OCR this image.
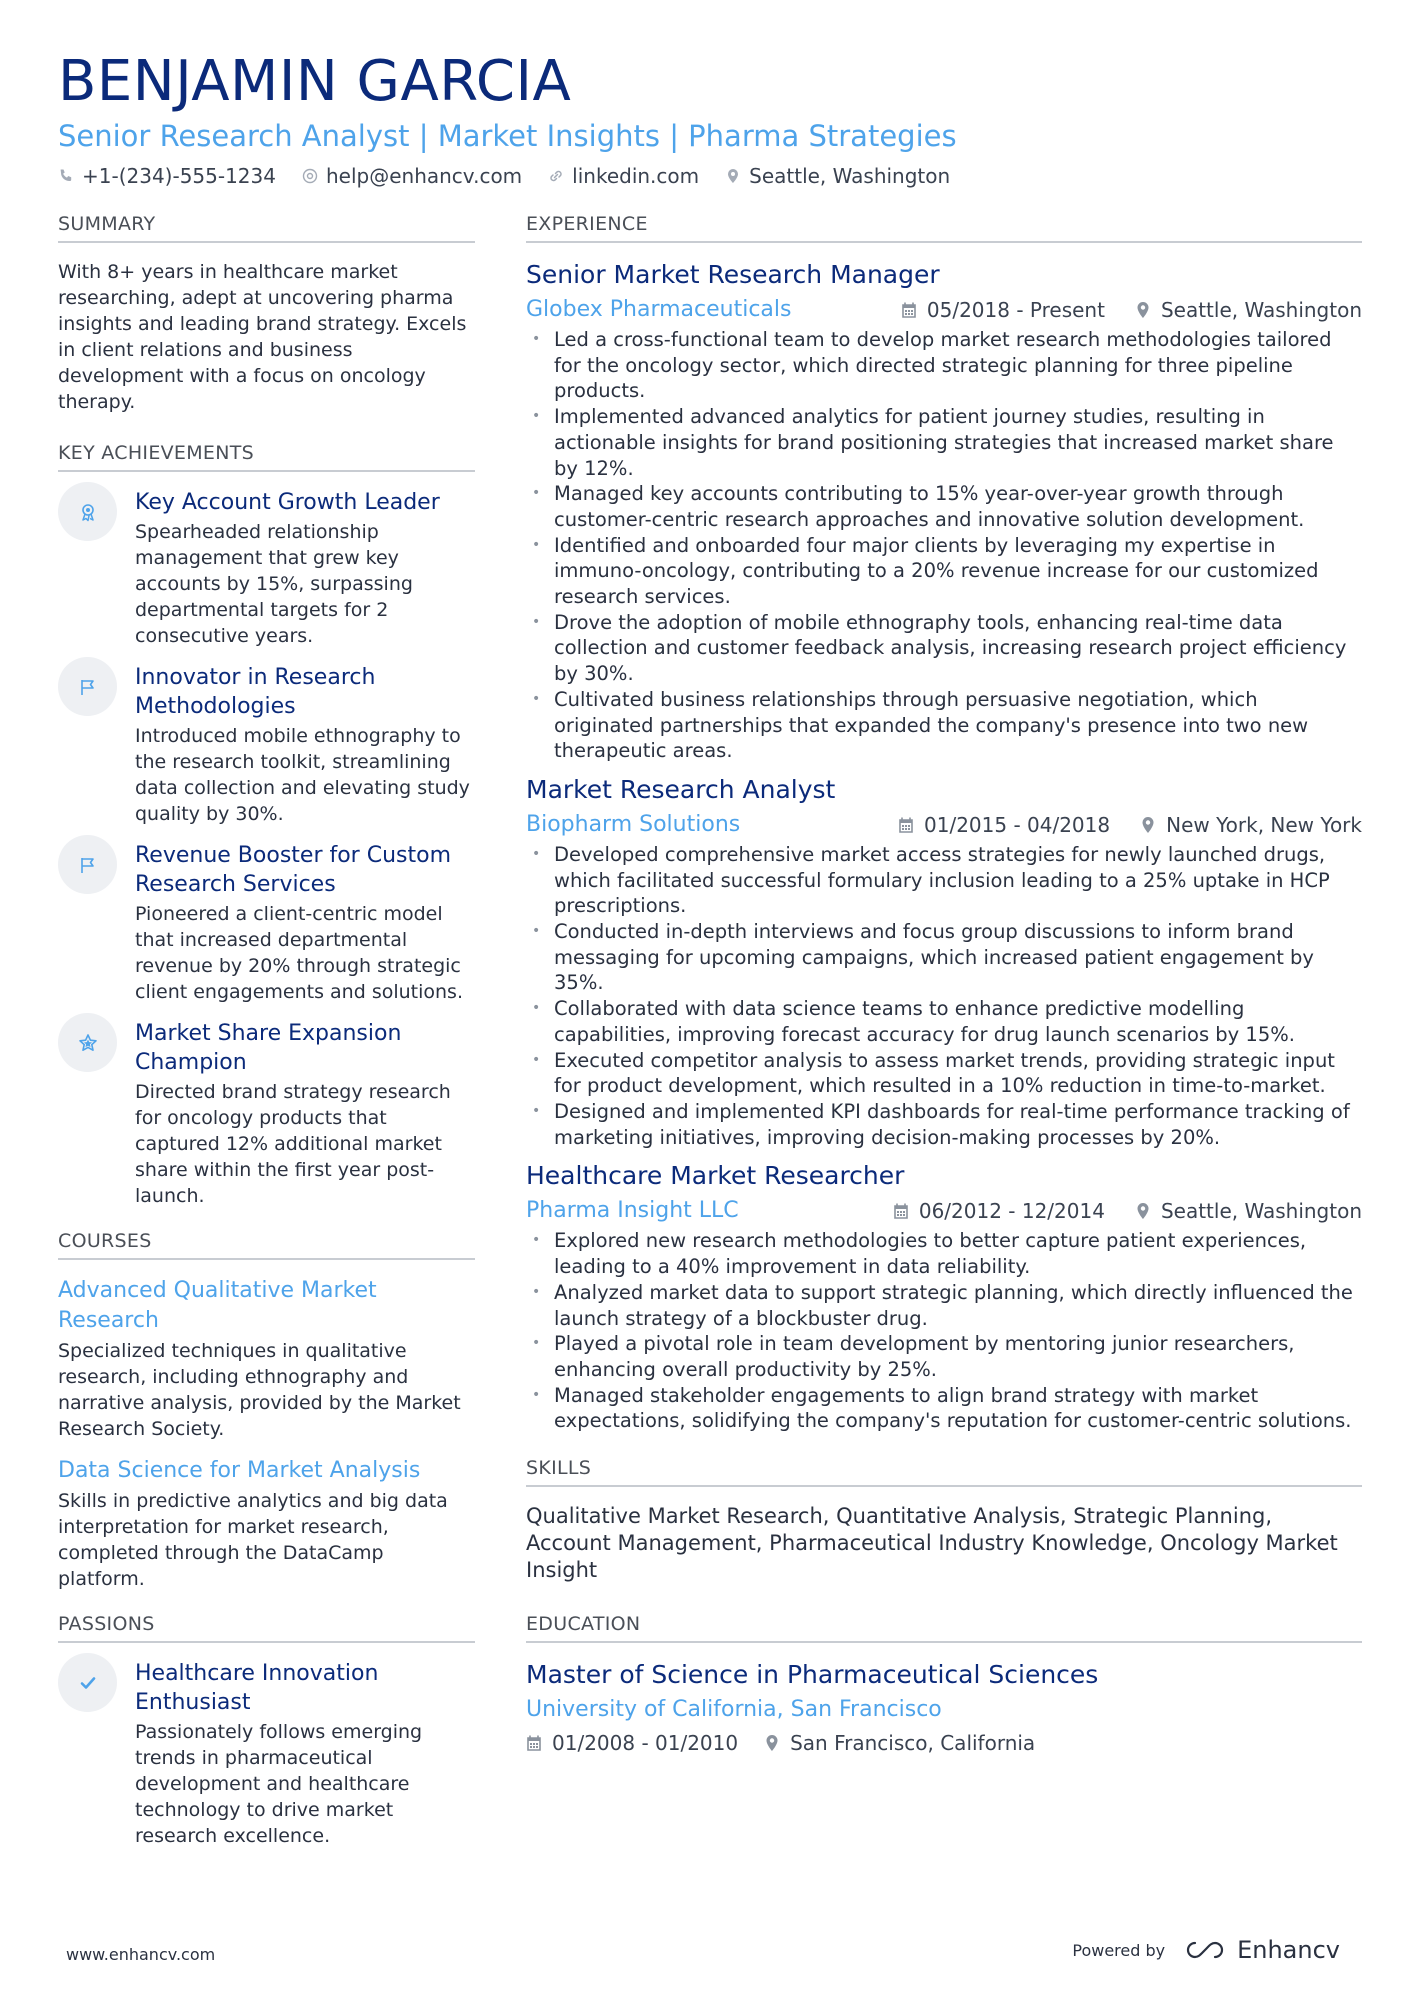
BENJAMIN GARCIA
Senior Research Analyst | Market Insights | Pharma Strategies
+1-(234)-555-1234	help@enhancv.com	linkedin.com	Seattle, Washington
SUMMARY
With 8+ years in healthcare market researching, adept at uncovering pharma insights and leading brand strategy. Excels in client relations and business development with a focus on oncology therapy.
KEY ACHIEVEMENTS
Key Account Growth Leader
Spearheaded relationship management that grew key accounts by 15%, surpassing departmental targets for 2 consecutive years.
Innovator in Research Methodologies
Introduced mobile ethnography to the research toolkit, streamlining data collection and elevating study quality by 30%.
Revenue Booster for Custom Research Services
Pioneered a client-centric model that increased departmental revenue by 20% through strategic client engagements and solutions.
Market Share Expansion Champion
Directed brand strategy research for oncology products that captured 12% additional market share within the first year post-launch.
COURSES
Advanced Qualitative Market Research
Specialized techniques in qualitative research, including ethnography and narrative analysis, provided by the Market Research Society.
Data Science for Market Analysis
Skills in predictive analytics and big data interpretation for market research, completed through the DataCamp platform.
PASSIONS
Healthcare Innovation Enthusiast
Passionately follows emerging trends in pharmaceutical development and healthcare technology to drive market research excellence.
EXPERIENCE
Senior Market Research Manager
Globex Pharmaceuticals	05/2018 - Present	Seattle, Washington
• Led a cross-functional team to develop market research methodologies tailored for the oncology sector, which directed strategic planning for three pipeline products.
• Implemented advanced analytics for patient journey studies, resulting in actionable insights for brand positioning strategies that increased market share by 12%.
• Managed key accounts contributing to 15% year-over-year growth through customer-centric research approaches and innovative solution development.
• Identified and onboarded four major clients by leveraging my expertise in immuno-oncology, contributing to a 20% revenue increase for our customized research services.
• Drove the adoption of mobile ethnography tools, enhancing real-time data collection and customer feedback analysis, increasing research project efficiency by 30%.
• Cultivated business relationships through persuasive negotiation, which originated partnerships that expanded the company's presence into two new therapeutic areas.
Market Research Analyst
Biopharm Solutions	01/2015 - 04/2018	New York, New York
• Developed comprehensive market access strategies for newly launched drugs, which facilitated successful formulary inclusion leading to a 25% uptake in HCP prescriptions.
• Conducted in-depth interviews and focus group discussions to inform brand messaging for upcoming campaigns, which increased patient engagement by 35%.
• Collaborated with data science teams to enhance predictive modelling capabilities, improving forecast accuracy for drug launch scenarios by 15%.
• Executed competitor analysis to assess market trends, providing strategic input for product development, which resulted in a 10% reduction in time-to-market.
• Designed and implemented KPI dashboards for real-time performance tracking of marketing initiatives, improving decision-making processes by 20%.
Healthcare Market Researcher
Pharma Insight LLC	06/2012 - 12/2014	Seattle, Washington
• Explored new research methodologies to better capture patient experiences, leading to a 40% improvement in data reliability.
• Analyzed market data to support strategic planning, which directly influenced the launch strategy of a blockbuster drug.
• Played a pivotal role in team development by mentoring junior researchers, enhancing overall productivity by 25%.
• Managed stakeholder engagements to align brand strategy with market expectations, solidifying the company's reputation for customer-centric solutions.
SKILLS
Qualitative Market Research, Quantitative Analysis, Strategic Planning, Account Management, Pharmaceutical Industry Knowledge, Oncology Market Insight
EDUCATION
Master of Science in Pharmaceutical Sciences
University of California, San Francisco
01/2008 - 01/2010	San Francisco, California
www.enhancv.com	Powered by	Enhancv
